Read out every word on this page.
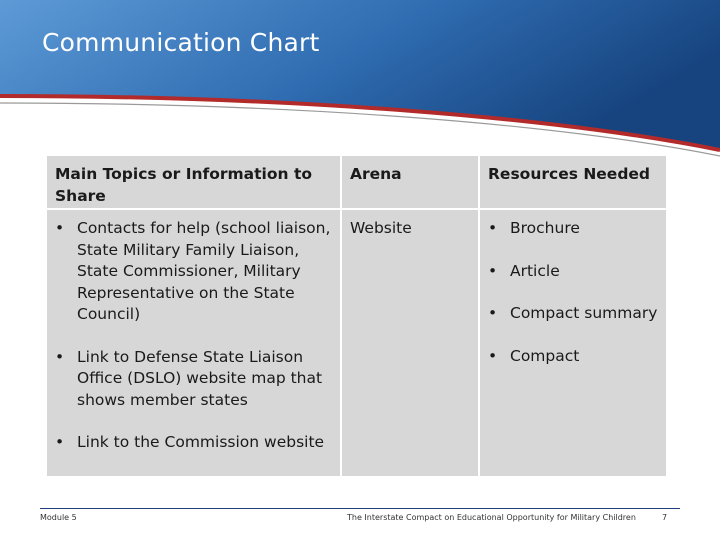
Communication Chart
Main Topics or Information to Share
Arena	Resources Needed
• Contacts for help (school liaison, State Military Family Liaison, State Commissioner, Military Representative on the State Council)
• Link to Defense State Liaison Office (DSLO) website map that shows member states
• Link to the Commission website
Website
•	Brochure
• Article
• Compact summary
• Compact
Module 5	The Interstate Compact on Educational Opportunity for Military Children	7
